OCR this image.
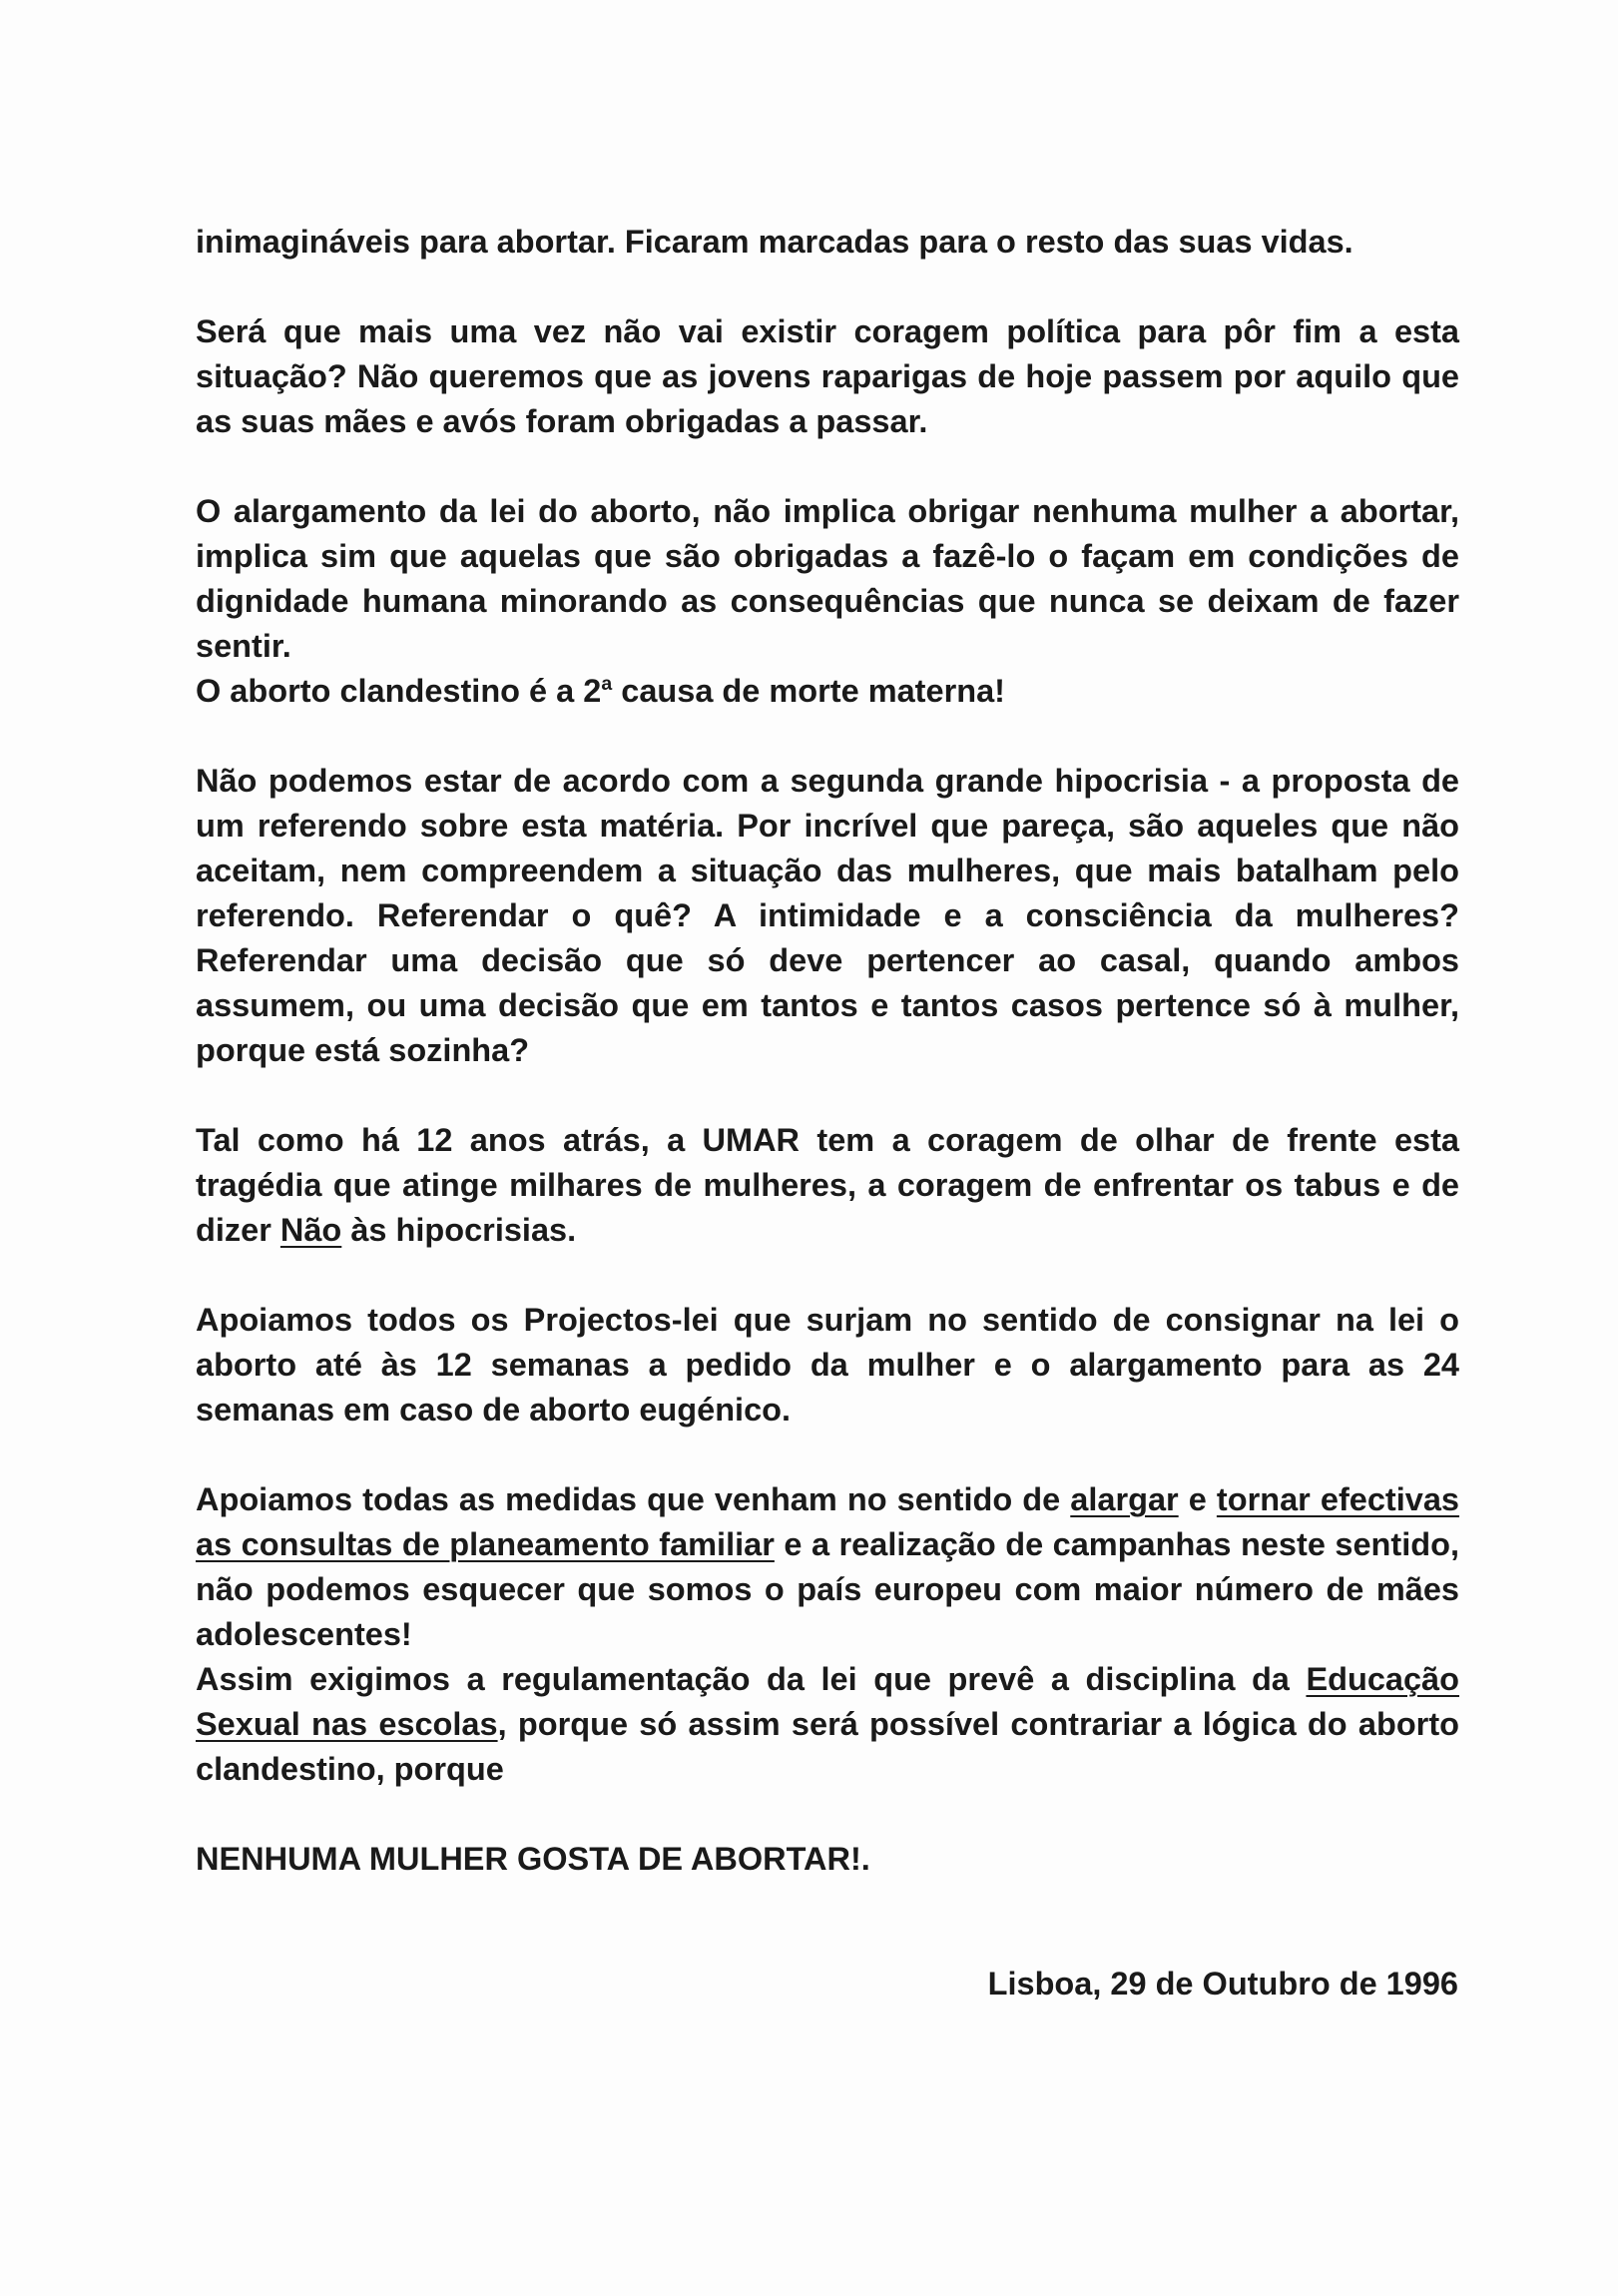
inimagináveis para abortar. Ficaram marcadas para o resto das suas vidas.

Será que mais uma vez não vai existir coragem política para pôr fim a esta situação? Não queremos que as jovens raparigas de hoje passem por aquilo que as suas mães e avós foram obrigadas a passar.

O alargamento da lei do aborto, não implica obrigar nenhuma mulher a abortar, implica sim que aquelas que são obrigadas a fazê-lo o façam em condições de dignidade humana minorando as consequências que nunca se deixam de fazer sentir.

O aborto clandestino é a 2$^a$ causa de morte materna!

Não podemos estar de acordo com a segunda grande hipocrisia - a proposta de um referendo sobre esta matéria. Por incrível que pareça, são aqueles que não aceitam, nem compreendem a situação das mulheres, que mais batalham pelo referendo. Referendar o quê? A intimidade e a consciência da mulheres? Referendar uma decisão que só deve pertencer ao casal, quando ambos assumem, ou uma decisão que em tantos e tantos casos pertence só à mulher, porque está sozinha?

Tal como há 12 anos atrás, a UMAR tem a coragem de olhar de frente esta tragédia que atinge milhares de mulheres, a coragem de enfrentar os tabus e de dizer Não às hipocrisias.

Apoiamos todos os Projectos-lei que surjam no sentido de consignar na lei o aborto até às 12 semanas a pedido da mulher e o alargamento para as 24 semanas em caso de aborto eugénico.

Apoiamos todas as medidas que venham no sentido de alargar e tornar efectivas as consultas de planeamento familiar e a realização de campanhas neste sentido, não podemos esquecer que somos o país europeu com maior número de mães adolescentes!

Assim exigimos a regulamentação da lei que prevê a disciplina da Educação Sexual nas escolas, porque só assim será possível contrariar a lógica do aborto clandestino, porque

NENHUMA MULHER GOSTA DE ABORTAR!.

Lisboa, 29 de Outubro de 1996
